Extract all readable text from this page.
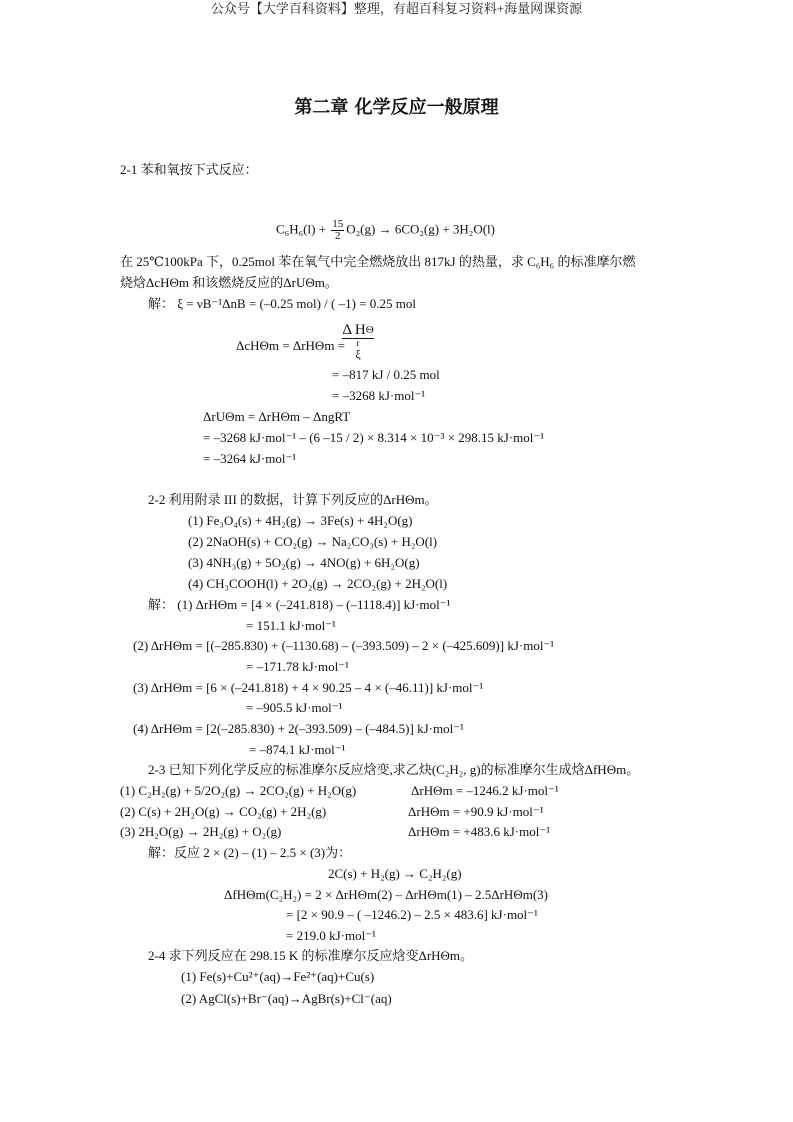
公众号【大学百科资料】整理，有超百科复习资料+海量网课资源
第二章 化学反应一般原理
2-1 苯和氧按下式反应：
$C_6H_6(l) + \frac{15}{2} O_2(g) \to 6CO_2(g) + 3H_2O(l)$
在 25℃100kPa 下，0.25mol 苯在氧气中完全燃烧放出 817kJ 的热量，求 C₆H₆ 的标准摩尔燃
烧焓ΔcHΘm 和该燃烧反应的ΔrUΘm。
解： ξ = νB⁻¹ΔnB = (–0.25 mol) / ( –1) = 0.25 mol
ΔcHΘm = ΔrHΘm =
Δ $H^\Theta$
r
ξ
= –817 kJ / 0.25 mol
= –3268 kJ·mol⁻¹
ΔrUΘm = ΔrHΘm – ΔngRT
= –3268 kJ·mol⁻¹ – (6 –15 / 2) × 8.314 × 10⁻³ × 298.15 kJ·mol⁻¹
= –3264 kJ·mol⁻¹
2-2 利用附录 III 的数据，计算下列反应的ΔrHΘm。
(1) Fe₃O₄(s) + 4H₂(g) → 3Fe(s) + 4H₂O(g)
(2) 2NaOH(s) + CO₂(g) → Na₂CO₃(s) + H₂O(l)
(3) 4NH₃(g) + 5O₂(g) → 4NO(g) + 6H₂O(g)
(4) CH₃COOH(l) + 2O₂(g) → 2CO₂(g) + 2H₂O(l)
解： (1) ΔrHΘm = [4 × (–241.818) – (–1118.4)] kJ·mol⁻¹
= 151.1 kJ·mol⁻¹
(2) ΔrHΘm = [(–285.830) + (–1130.68) – (–393.509) – 2 × (–425.609)] kJ·mol⁻¹
= –171.78 kJ·mol⁻¹
(3) ΔrHΘm = [6 × (–241.818) + 4 × 90.25 – 4 × (–46.11)] kJ·mol⁻¹
= –905.5 kJ·mol⁻¹
(4) ΔrHΘm = [2(–285.830) + 2(–393.509) – (–484.5)] kJ·mol⁻¹
= –874.1 kJ·mol⁻¹
2-3 已知下列化学反应的标准摩尔反应焓变,求乙炔(C₂H₂, g)的标准摩尔生成焓ΔfHΘm。
(1) C₂H₂(g) + 5/2O₂(g) → 2CO₂(g) + H₂O(g)	ΔrHΘm = –1246.2 kJ·mol⁻¹
(2) C(s) + 2H₂O(g) → CO₂(g) + 2H₂(g)	ΔrHΘm = +90.9 kJ·mol⁻¹
(3) 2H₂O(g) → 2H₂(g) + O₂(g)	ΔrHΘm = +483.6 kJ·mol⁻¹
解：反应 2 × (2) – (1) – 2.5 × (3)为：
2C(s) + H₂(g) → C₂H₂(g)
ΔfHΘm(C₂H₂) = 2 × ΔrHΘm(2) – ΔrHΘm(1) – 2.5ΔrHΘm(3)
= [2 × 90.9 – ( –1246.2) – 2.5 × 483.6] kJ·mol⁻¹
= 219.0 kJ·mol⁻¹
2-4 求下列反应在 298.15 K 的标准摩尔反应焓变ΔrHΘm。
(1) Fe(s)+Cu²⁺(aq)→Fe²⁺(aq)+Cu(s)
(2) AgCl(s)+Br⁻(aq)→AgBr(s)+Cl⁻(aq)
